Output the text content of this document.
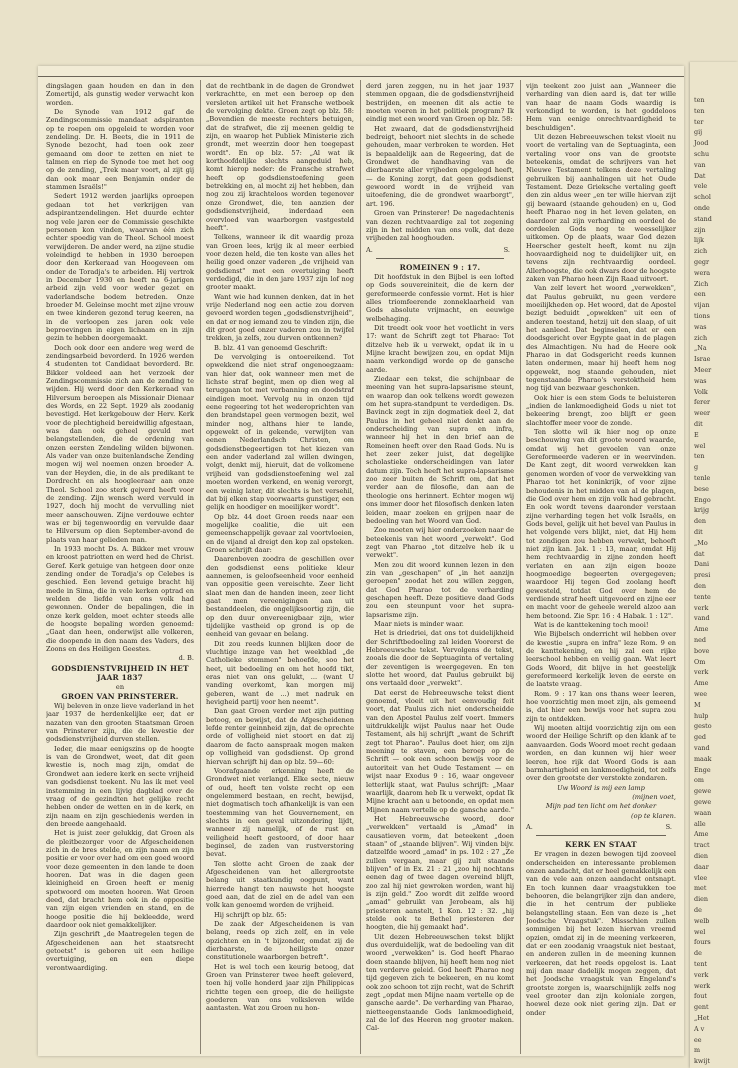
dingslagen gaan houden en dan in den Zomertijd, als gunstig weder verwacht kon worden.

De Synode van 1912 gaf de Zendingscommissie mandaat adspiranten op te roepen om opgeleid te worden voor zendeling. Dr. H. Beets, die in 1911 de Synode bezocht, had toen ook zeer gemaand om door te zetten en niet te talmen en riep de Synode toe met het oog op de zending, „Trek maar voort, al zijt gij dan ook maar een Benjamin onder de stammen Israëls!"

Sedert 1912 werden jaarlijks oproepen gedaan tot het verkrijgen van adspirantzendelingen. Het duurde echter nog vele jaren eer de Commissie geschikte personen kon vinden, waarvan één zich echter spoedig van de Theol. School moest verwijderen. De ander werd, na zijne studie voleindigd te hebben in 1930 beroepen door den Kerkeraad van Hoogeveen om onder de Toradja's te arbeiden. Hij vertrok in December 1930 en heeft na 6-jarigen arbeid zijn veld voor weder gezet en vaderlandsche bodem betreden. Onze broeder M. Geleinse mocht met zijne vrouw en twee kinderen gezond terug keeren, na in de verloopen zes jaren ook vele beproevingen in eigen lichaam en in zijn gezin te hebben doorgemaakt.

Doch ook door een andere weg werd de zendingsarbeid bevorderd. In 1926 werden 4 studenten tot Candidaat bevorderd. Br. Bikker voldeed aan het verzoek der Zendingscommissie zich aan de zending te wijden. Hij werd door den Kerkeraad van Hilversum beroepen als Missionair Dienaar des Words, en 22 Sept. 1929 als zoodanig bevestigd. Het kerkgebouw der Herv. Kerk voor de plechtigheid bereidwillig afgestaan, was dan ook geheel gevuld met belangstellenden, die de ordening van onzen eersten Zendeling wilden bijwonen. Als vader van onze buitenlandsche Zending mogen wij wel noemen onzen broeder A. van der Heyden, die, in de als predikant te Dordrecht en als hoogleeraar aan onze Theol. School zoo sterk gejverd heeft voor de zending. Zijn wensch werd vervuld in 1927, doch hij mocht de vervulling niet meer aanschouwen. Zijne verdouwe echter was er bij tegenwoordig en vervulde daar te Hilversum op dien September-avond de plaats van haar gelieden man.

In 1933 mocht Ds. A. Bikker met vrouw en kroost patriotten en werd hed de Christ. Geref. Kerk getuige van hetgeen door onze zending onder de Toradja's op Celebes is geschied. Een levend getuige bracht hij mede in Sima, die in vele kerken optrad en welden de liefde van ons volk had gewonnen. Onder de bepalingen, die in onze kerk gelden, moet echter steeds alle de hoogste bepaling worden genoemd: „Gaat dan heen, onderwijst alle volkeren, die doopende in den naam des Vaders, des Zoons en des Heiligen Geestes.

d. B.

GODSDIENSTVRIJHEID IN HET JAAR 1837

en

GROEN VAN PRINSTERER.

Wij beleven in onze lieve vaderland in het jaar 1937 de herdenkelijke eer, dat er nazaten van den grooten Staatsman Groen van Prinsterer zijn, die de kwestie der godsdienstvrijheid durven stellen.

Ieder, die maar eenigszins op de hoogte is van de Grondwet, weet, dat dit geen kwestie is, noch mag zijn, omdat de Grondwet aan iedere kerk en secte vrijheid van godsdienst toekent. Nu las ik met veel instemming in een lijvig dagblad over de vraag of de gezindten het gelijke recht hebben onder de wetten en in de kerk, en zijn naam en zijn geschiedenis werden in den breede aangehaald.

Het is juist zeer gelukkig, dat Groen als de pleitbezorger voor de Afgescheidenen zich in de bres stelde, en zijn naam en zijn positie er voor over had om een goed woord voor deze gemeenten in den lande te doen hooren. Dat was in die dagen geen kleinigheid en Groen heeft er menig spotwoord om moeten hooren. Wat Groen deed, dat bracht hem ook in de oppositie van zijn eigen vrienden en stand, en de hooge positie die hij bekleedde, werd daardoor ook niet gemakkelijker.

Zijn geschrift „de Maatregelen tegen de Afgescheidenen aan het staatsrecht getoetst" is geboren uit een heilige overtuiging, en een diepe verontwaardiging.

dat de rechtbank in de dagen de Grondwet verkrachtte, en met een beroep op den versleten artikel uit het Fransche wetboek de vervolging dekte. Groen zegt op blz. 58: „Bovendien de meeste rechters betuigen, dat de strafwet, die zij meenen geldig te zijn, en waarop het Publiek Ministerie zich grondt, met weerzin door hen toegepast wordt". En op blz. 57: „Al wat ik korthoofdelijke slechts aangeduid heb, komt hierop neder: de Fransche strafwet heeft op godsdienstoefening geen betrekking en, al mocht zij het hebben, dan nog zou zij krachteloos worden tegenover onze Grondwet, die, ten aanzien der godsdienstvrijheid, inderdaad een overvloed van waarborgen vastgesteld heeft".

Telkens, wanneer ik dit waardig proza van Groen lees, krijg ik al meer eerbied voor dezen held, die ten koste van alles het heilig goed onzer vaderen „de vrijheid van godsdienst" met een overtuiging heeft verdedigd, die in den jare 1937 zijn lof nog grooter maakt.

Want wie had kunnen denken, dat in het vrije Nederland nog een actie zou dorven gevoerd worden tegen „godsdienstvrijheid", en dat er nog iemand zou te vinden zijn, die dit groot goed onzer vaderen zou in twijfel trekken, ja zelfs, zou durven ontkennen?

B. blz. 41 van genoemd Geschrift:

De vervolging is ontoereikend. Tot opwekkend die niet straf ongenoegzaam: van hier dat, ook wanneer men met de lichste straf begint, men op dien weg al teruggaan tot met verbanning en doodstraf eindigen moet. Vervolg nu in onzen tijd eene regeering tot het wederoprichten van den brandstapel geen vermogen bezit, wel minder nog, althans hier te lande, opgewekt of in gekende, verwijten van eenen Nederlandsch Christen, om godsdienstbegeertigen tot het kiezen van een ander vaderland zal willen dwingen, volgt, denkt mij, hieruit, dat de volkomene vrijheid van godsdienstoefening wel zal moeten worden verkend, en wenig verorgt, een weinig later, dit slechts is het versehil, dat bij elken stap voorwaarts gunstiger, een gelijk en hoodiger en moeilijker wordt".

Op blz. 44 doet Groen reeds naar een mogelijke coalitie, die uit een gemeenschappelijk gevaar zal voortvloeien, en de vijand al dreigt den kop zal opsteken. Groen schrijft daar:

Daarenboven zoodra de geschillen over den godsdienst eens politieke kleur aannemen, is geloofseenheid voor eenheid van oppositie geen vereischte. Zeer licht slaat men dan de handen ineen, zeer licht gaat men vereenigingen aan uit bestanddeelen, die ongelijksoortig zijn, die op den duur onvereenigbaar zijn, wier tijdelijke vastheid op grond is op de eenheid van gevaar en belang.

Dit zou reeds kunnen blijken door de vluchtige inzage van het weekblad „de Catholieke stemmen" behoefde, soo het heet, uit bedoeling en om het hoofd tikt, eras niet van ons gelukt, ... (want U vanding overkomt, kan morgen mij geberen, want de ...) met nadruk en hevigheid partij voor hen neemt".

Dan gaat Groen verder met zijn putting betoog, en bewijst, dat de Afgescheidenen lefde renter geinnheid zijn, dat de oprechte orde of volligheid niet stoort en dat zij daarom de facto aanspraak mogen maken op volligheid van godsdienst. Op grond hiervan schrijft hij dan op blz. 59—60:

Voorafgaande erkenning heeft de Grondwet niet verlangd. Elke secte, nieuw of oud, heeft ten volste recht op een ongelemmerd bestaan, en recht, bewijsd, niet dogmatisch toch afhankelijk is van een toestemming van het Gouvernement, en slechts in een geval uitzondering lijdt, wanneer zij namelijk, of de rust en veiligheid heeft gestoord, of door haar beginsel, de zaden van rustverstoring bevat.

Ten slotte acht Groen de zaak der Afgescheidenen van het allergrootste belang uit staatkundig oogpunt, want hierrede hangt ten nauwste het hoogste goed aan, dat de ziel en de adel van een volk kan genoemd worden de vrijheid.

Hij schrijft op blz. 65:

De zaak der Afgescheidenen is van belang, reeds op zich zelf, en in vele opzichten en in 't bijzonder, omdat zij de dierbaarste, de heiligste onzer constitutionele waarborgen betreft".

Het is wel toch een keurig betoog, dat Groen van Prinsterer twee heeft geleverd, toen hij volle honderd jaar zijn Philippicas richtte tegen een groep, die de heiligste goederen van ons volksleven wilde aantasten. Wat zou Groen nu hon-

derd jaren zeggen, nu in het jaar 1937 stemmen opgaan, die de godsdienstvrijheid bestrijden, en meenen dit als actie te moeten voeren in het politiek program? Ik eindig met een woord van Groen op blz. 58:

Het zwaard, dat de godsdienstvrijheid bedreigt, behoort niet slechts in de schede gehouden, maar verbroken te worden. Het is bepaaldelijk aan de Regeering, dat de Grondwet de handhaving van de dierbaarste aller vrijheden opgelegd heeft, — de Koning zorgt, dat geen godsdienst gewoord wordt in de vrijheid van uitoefening, die de grondwet waarborgt", art. 196.

Groen van Prinsterer! De nagedachtenis van dezen rechtvaardige zal tot zegening zijn in het midden van ons volk, dat deze vrijheden zal hooghouden.

A.	S.

ROMEINEN 9 : 17.

Dit hoofdstuk in den Bijbel is een lofted op Gods souvereiniteit, die de kern der gereformeerde confessie vormt. Het is hier alles triomfeerende zonneklaarheid van Gods absolute vrijmacht, en eeuwige welbehaging.

Dit treedt ook voor het voetlicht in vers 17: want de Schrift zegt tot Pharao: Tot ditzelve heb ik u verwekt, opdat ik in u Mijne kracht bewijzen zou, en opdat Mijn naam verkondigd worde op de gansche aarde.

Ziedaar een tekst, die schijnbaar de meening van het supra-lapsarisme steunt, en waarop dan ook telkens wordt gewezen om het supra-standpunt te verdedigen. Ds. Bavinck zegt in zijn dogmatiek deel 2, dat Paulus in het geheel niet denkt aan de onderscheiding van supra en infra, wanneer hij het in den brief aan de Romeinen heeft over den Raad Gods. Nu is het zeer zeker juist, dat degelijke scholastieke onderscheidingen van later datum zijn. Toch heeft het supra-lapsarisme zoo zeer buiten de Schrift om, dat het verder aan de filosofie, dan aan de theologie ons herinnert. Echter mogen wij ons immer door het filosofisch denken laten leiden, maar zoeken en grijpen naar de bedoeling van het Woord van God.

Zoo moeten wij hier onderzoeken naar de beteekenis van het woord „verwekt". God zegt van Pharao „tot ditzelve heb ik u verwekt".

Men zou dit woord kunnen lezen in den zin van „geschapen" of „in het aanzijn geroepen" zoodat het zou willen zeggen, dat God Pharao tot de verharding geschapen heeft. Deze positieve daad Gods zou een steunpunt voor het supra-lapsarisme zijn.

Maar niets is minder waar.

Het is driedriei, dat ons tot duidelijkheid der Schriftbedoeling zal leiden Voorerst de Hebreeuwsche tekst. Vervolgens de tekst, zooals die door de Septuaginta of vertaling der zeventigen is weergegeven. En ten slotte het woord, dat Paulus gebruikt bij ons vertaald door „verwekt".

Dat eerst de Hebreeuwsche tekst dient genoemd, vloeit uit het eenvoudig feit voort, dat Paulus zich niet onderscheidde van den Apostel Paulus zelf voert. Immers uitdrukkelijk wijst Paulus naar het Oude Testament, als hij schrijft „want de Schrift zegt tot Pharao". Paulus doet hier, om zijn meening te staven, een beroep op de Schrift — ook een schoon bewijs voor de autoriteit van het Oude Testament — en wijst naar Exodus 9 : 16, waar ongeveer letterlijk staat, wat Paulus schrijft: „Maar waarlijk, daarom heb Ik u verwekt, opdat Ik Mijne kracht aan u betoonde, en opdat men Mijnen naam vertelle op de gansche aarde."

Het Hebreeuwsche woord, door „verwekken" vertaald is „Amad" in causatieven vorm, dat beteekent „doen staan" of „staande blijven". Wij vinden bijv. datzelfde woord „amad" in ps. 102 : 27 „Ze zullen vergaan, maar gij zult staande blijven" of in Ex. 21 : 21 „zoo hij nochtans eenen dag of twee dagen overeind blijft, zoo zal hij niet gewroken worden, want hij is zijn geld." Zoo wordt dit zelfde woord „amad" gebruikt van Jerobeam, als hij priesteren aanstelt, 1 Kon. 12 : 32. „hij stelde ook te Bethel priesteren der hoogten, die hij gemaakt had".

Uit dezen Hebreeuwschen tekst blijkt dus overduidelijk, wat de bedoeling van dit woord „verwekken" is. God heeft Pharao doen staande blijven, hij heeft hem nog niet ten verderve geleid. God heeft Pharao nog tijd gegeven zich te bekeeren, en nu komt ook zoo schoon tot zijn recht, wat de Schrift zegt „opdat men Mijne naam vertelle op de gansche aarde". De verharding van Pharao, nietteegenstaande Gods lankmoedigheid, zal de lof des Heeren nog grooter maken. Cal-

vijn teekent zoo juist aan „Wanneer die verharding van dien aard is, dat ter wille van haar de naam Gods waardig is verkondigd te worden, is het goddeloos Hem van eenige onrechtvaardigheid te beschuldigen".

Uit dezen Hebreeuwschen tekst vloeit nu voort de vertaling van de Septuaginta, een vertaling voor ons van de grootste beteekenis, omdat de schrijvers van het Nieuwe Testament telkens deze vertaling gebruiken bij aanhalingen uit het Oude Testament. Deze Grieksche vertaling geeft den zin aldus weer „en ter wille hiervan zijt gij bewaard (staande gehouden) en u, God heeft Pharao nog in het leven gelaten, en daardoor zal zijn verharding en oordeel de oordeelen Gods nog te weesselijker uitkomen. Op de plaats, waar God dezen Heerscher gestelt heeft, komt nu zijn hoovaardigheid nog te duidelijker uit, en tevens zijn rechtvaardig oordeel. Allerhoogste, die ook dwars door de hoogste zaken van Pharao heen Zijn Raad uitvoert.

Van zelf levert het woord „verwekken", dat Paulus gebruikt, nu geen verdere moeilijkheden op. Het woord, dat de Apostel bezigt beduidt „opwekken" uit een of anderen toestand, hetzij uit den slaap, of uit het aanleed. Dat beginselen, dat er een doodsgericht over Egypte gaat in de plagen des Almachtigen. Nu had de Heere ook Pharao in dat Godsgericht reeds kunnen laten ondermen, maar hij heeft hem nog opgewekt, nog staande gehouden, niet tegenstaande Pharao's verstoktheid hem nog tijd van bezwaar geschonken.

Ook hier is een stem Gods te beluisteren „indien de lankmoedigheid Gods u niet tot bekeering brengt, zoo blijft er geen slachtoffer meer voor de zonde.

Ten slotte wil ik hier nog op onze beschouwing van dit groote woord waarde, omdat wij het gevoelen van onze Gereformeerde vaderen er in weervinden. De Kant zegt, dit woord verwekken kan genomen worden of voor de verwekking van Pharao tot het koninkrijk, of voor zijne behoudenis in het midden van al de plagen, die God over hem en zijn volk had gebracht. En ook wordt tevens daaronder verstaan zijne verharding tegen het volk Israëls, en Gods bevel, gelijk uit het bevel van Paulus in het volgende vers blijkt, niet, dat Hij hem tot zondigen zou hebben verwekt, behoeft niet zijn kan. Jak. 1 : 13, maar, omdat Hij hem rechtvaardig in zijne zonden heeft verlaten en aan zijn eigen booze hoogmoedige begeerten overgegeven; waardoor Hij tegen God zoolang heeft gewesteld, totdat God over hem de verdiende straf heeft uitgevoerd en zijne eer en macht voor de geheele wereld alzoo aan hem betoond. Zie Spr. 16 : 4 Habak. 1 : 12".

Wat is de kanttekening toch mooi!

Wie Bijbelsch onderricht wil hebben over de kwestie „supra en infra" leze Rom. 9 en de kanttekening, en hij zal een rijke leerschool hebben en veilig gaan. Wat leert Gods Woord, dit blijve in het geestelijk gereformeerd kerkelijk leven de eerste en de laatste vraag.

Rom. 9 : 17 kan ons thans weer leeren, hoe voorzichtig men moet zijn, als gemeend is, dat hier een bewijs voor het supra zou zijn te ontdekken.

Wij moeten altijd voorzichtig zijn om een woord der Heilige Schrift op den klank af te aanvaarden. Gods Woord moet recht gedaan worden, en dan kunnen wij hier weer leeren, hoe rijk dat Woord Gods is aan barmhartigheid en lankmoedigheid, tot zelfs over den grootste der verstokte zondaren.

Uw Woord is mij een lamp

(mijnen voet,

Mijn pad ten licht om het donker

(op te klaren.

A.	S.

KERK EN STAAT

Er vragen in dezen bewogen tijd zooveel onderscheiden en interessante problemen onzen aandacht, dat er heel gemakkelijk een van de vele aan onzen aandacht ontsnapt. En toch kunnen daar vraagstukken toe behooren, die belangrijker zijn dan andere, die in het centrum der publieke belangstelling staan. Een van deze is „het Joodsche Vraagstuk". Missschien zullen sommigen bij het lezen hiervan vreemd opzien, omdat zij in de meening verkeeren, dat er een zoodanig vraagstuk niet bestaat, en anderen zullen in de meening kunnen verkeeren, dat het reeds opgelost is. Laat mij dan maar dadelijk mogen zeggen, dat het Joodsche vraagstuk van Engeland's grootste zorgen is, waarschijnlijk zelfs nog veel grooter dan zijn koloniale zorgen, hoewel deze ook niet gering zijn. Dat er onder

ten
ten
ter
gij
Jood
schu
van
Dat
vele
schol
onde
stand
zijn
lijk
zich
gegr
wera
Zich
een
vijan
tions
was
zich
„Na
Israe
Meer
was
Volk
ferer
weer
dit
E
wel
ten
g
tenle
bese
Engo
krijg
den
dit
„Mo
dat
Dani
presi
den
tente
verk
vand
Ame
ned
bove
Om
verk
Ame
wee
M
hulp
gesto
ged
vand
maak
Enge
om
gewe
gewe
waan
alle
Ame
tract
dien
daar
vlee
met
dien
de
welb
wel
fours
de
tent
verk
werk
fout
gent
„Het
A v
ee
m
kwijt
